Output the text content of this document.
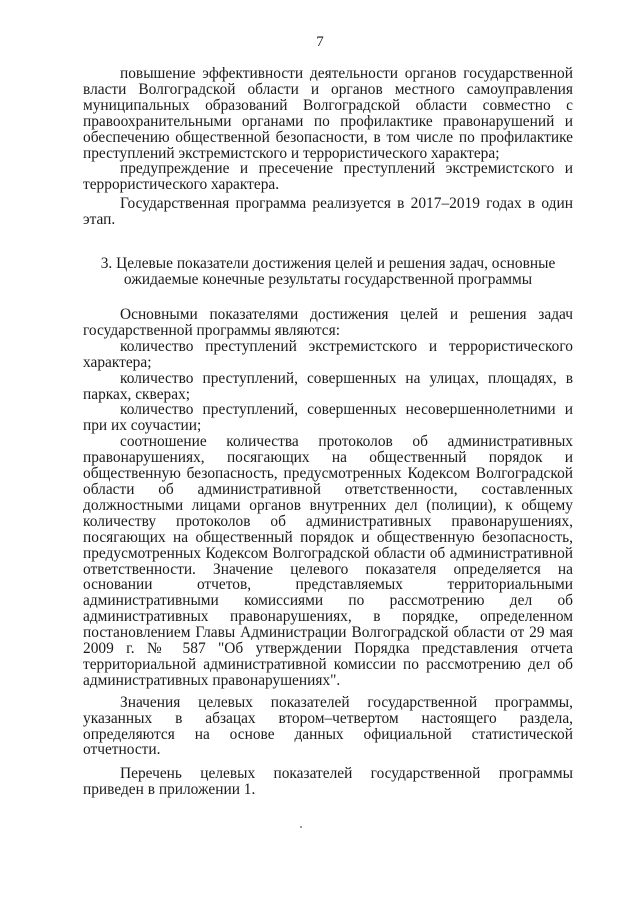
7

повышение эффективности деятельности органов государственной власти Волгоградской области и органов местного самоуправления муниципальных образований Волгоградской области совместно с правоохранительными органами по профилактике правонарушений и обеспечению общественной безопасности, в том числе по профилактике преступлений экстремистского и террористического характера;

предупреждение и пресечение преступлений экстремистского и террористического характера.

Государственная программа реализуется в 2017–2019 годах в один этап.

3. Целевые показатели достижения целей и решения задач, основные
ожидаемые конечные результаты государственной программы

Основными показателями достижения целей и решения задач государственной программы являются:

количество преступлений экстремистского и террористического характера;

количество преступлений, совершенных на улицах, площадях, в парках, скверах;

количество преступлений, совершенных несовершеннолетними и при их соучастии;

соотношение количества протоколов об административных правонарушениях, посягающих на общественный порядок и общественную безопасность, предусмотренных Кодексом Волгоградской области об административной ответственности, составленных должностными лицами органов внутренних дел (полиции), к общему количеству протоколов об административных правонарушениях, посягающих на общественный порядок и общественную безопасность, предусмотренных Кодексом Волгоградской области об административной ответственности. Значение целевого показателя определяется на основании отчетов, представляемых территориальными административными комиссиями по рассмотрению дел об административных правонарушениях, в порядке, определенном постановлением Главы Администрации Волгоградской области от 29 мая 2009 г. № 587 "Об утверждении Порядка представления отчета территориальной административной комиссии по рассмотрению дел об административных правонарушениях".

Значения целевых показателей государственной программы, указанных в абзацах втором–четвертом настоящего раздела, определяются на основе данных официальной статистической отчетности.

Перечень целевых показателей государственной программы приведен в приложении 1.
